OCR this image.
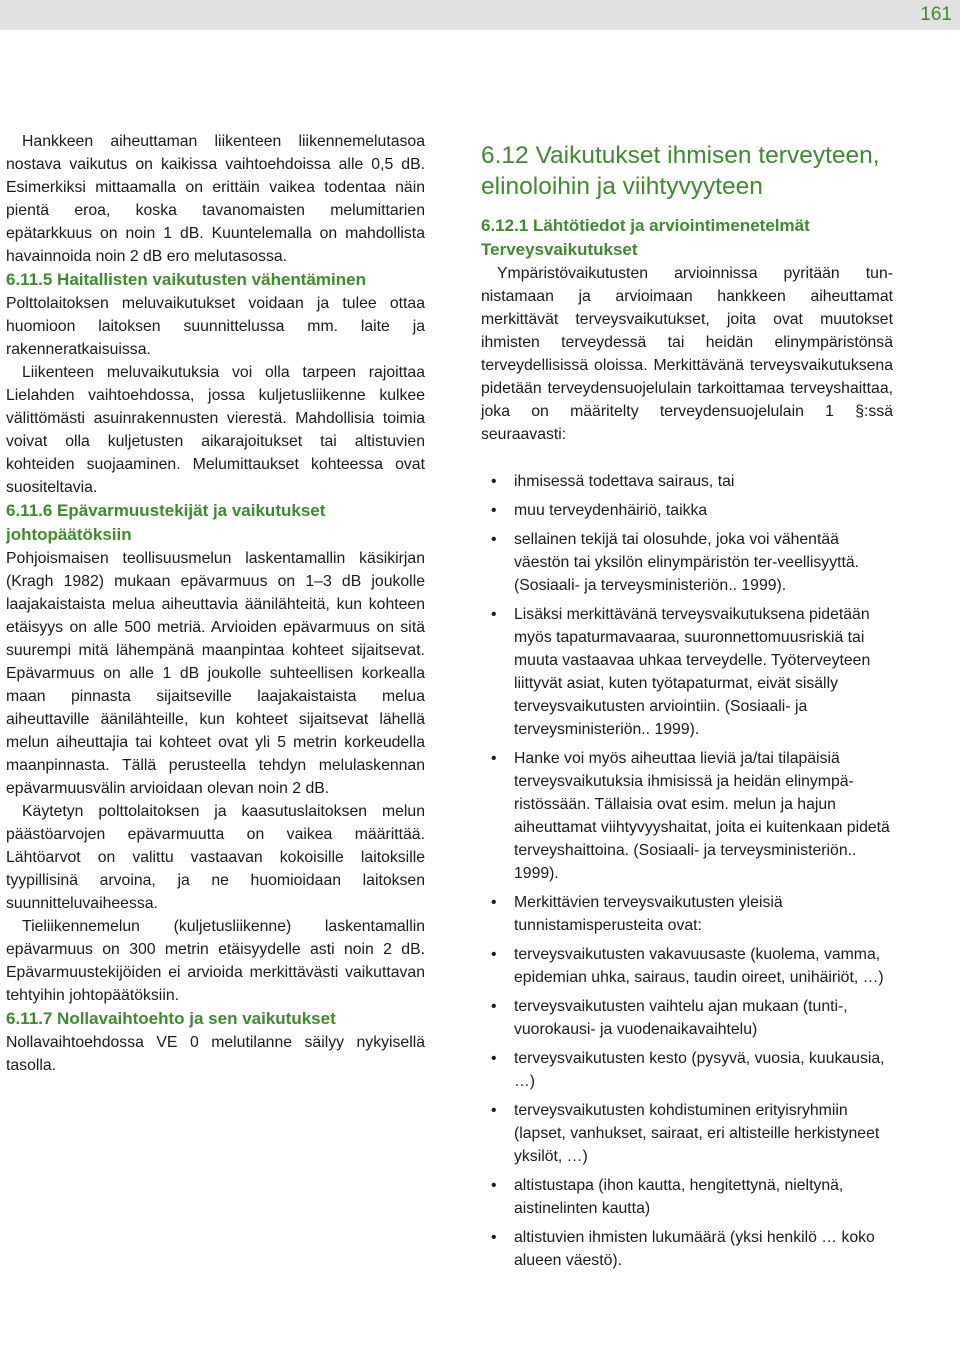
161

Hankkeen aiheuttaman liikenteen liikennemelutasoa nostava vaikutus on kaikissa vaihtoehdoissa alle 0,5 dB. Esimerkiksi mittaamalla on erittäin vaikea todentaa näin pientä eroa, koska tavanomaisten melumittarien epätarkkuus on noin 1 dB. Kuuntelemalla on mahdollista havainnoida noin 2 dB ero melutasossa.

6.11.5 Haitallisten vaikutusten vähentäminen

Polttolaitoksen meluvaikutukset voidaan ja tulee ottaa huomioon laitoksen suunnittelussa mm. laite ja rakenneratkaisuissa.

Liikenteen meluvaikutuksia voi olla tarpeen rajoittaa Lielahden vaihtoehdossa, jossa kuljetusliikenne kulkee välittömästi asuinrakennusten vierestä. Mahdollisia toimia voivat olla kuljetusten aikarajoitukset tai altistuvien kohteiden suojaaminen. Melumittaukset kohteessa ovat suositeltavia.

6.11.6 Epävarmuustekijät ja vaikutukset johtopäätöksiin

Pohjoismaisen teollisuusmelun laskentamallin käsikirjan (Kragh 1982) mukaan epävarmuus on 1–3 dB joukolle laajakaistaista melua aiheuttavia äänilähteitä, kun kohteen etäisyys on alle 500 metriä. Arvioiden epävarmuus on sitä suurempi mitä lähempänä maanpintaa kohteet sijaitsevat. Epävarmuus on alle 1 dB joukolle suhteellisen korkealla maan pinnasta sijaitseville laajakaistaista melua aiheuttaville äänilähteille, kun kohteet sijaitsevat lähellä melun aiheuttajia tai kohteet ovat yli 5 metrin korkeudella maanpinnasta. Tällä perusteella tehdyn melulaskennan epävarmuusvälin arvioidaan olevan noin 2 dB.

Käytetyn polttolaitoksen ja kaasutuslaitoksen melun päästöarvojen epävarmuutta on vaikea määrittää. Lähtöarvot on valittu vastaavan kokoisille laitoksille tyypillisinä arvoina, ja ne huomioidaan laitoksen suunnitteluvaiheessa.

Tieliikennemelun (kuljetusliikenne) laskentamallin epävarmuus on 300 metrin etäisyydelle asti noin 2 dB. Epävarmuustekijöiden ei arvioida merkittävästi vaikuttavan tehtyihin johtopäätöksiin.

6.11.7 Nollavaihtoehto ja sen vaikutukset

Nollavaihtoehdossa VE 0 melutilanne säilyy nykyisellä tasolla.

6.12 Vaikutukset ihmisen terveyteen, elinoloihin ja viihtyvyyteen
6.12.1 Lähtötiedot ja arviointimenetelmät Terveysvaikutukset

Ympäristövaikutusten arvioinnissa pyritään tunnistamaan ja arvioimaan hankkeen aiheuttamat merkittävät terveysvaikutukset, joita ovat muutokset ihmisten terveydessä tai heidän elinympäristönsä terveydellisissä oloissa. Merkittävänä terveysvaikutuksena pidetään terveydensuojelulain tarkoittamaa terveyshaittaa, joka on määritelty terveydensuojelulain 1 §:ssä seuraavasti:

• ihmisessä todettava sairaus, tai
• muu terveydenhäiriö, taikka
• sellainen tekijä tai olosuhde, joka voi vähentää väestön tai yksilön elinympäristön ter-veellisyyttä. (Sosiaali- ja terveysministeriön.. 1999).
• Lisäksi merkittävänä terveysvaikutuksena pidetään myös tapaturmavaaraa, suuronnettomuusriskiä tai muuta vastaavaa uhkaa terveydelle. Työterveyteen liittyvät asiat, kuten työtapaturmat, eivät sisälly terveysvaikutusten arviointiin. (Sosiaali- ja terveysministeriön.. 1999).
• Hanke voi myös aiheuttaa lieviä ja/tai tilapäisiä terveysvaikutuksia ihmisissä ja heidän elinympä-ristössään. Tällaisia ovat esim. melun ja hajun aiheuttamat viihtyvyyshaitat, joita ei kuitenkaan pidetä terveyshaittoina. (Sosiaali- ja terveysministeriön.. 1999).
• Merkittävien terveysvaikutusten yleisiä tunnistamisperusteita ovat:
• terveysvaikutusten vakavuusaste (kuolema, vamma, epidemian uhka, sairaus, taudin oireet, unihäiriöt, …)
• terveysvaikutusten vaihtelu ajan mukaan (tunti-, vuorokausi- ja vuodenaikavaihtelu)
• terveysvaikutusten kesto (pysyvä, vuosia, kuukausia, …)
• terveysvaikutusten kohdistuminen erityisryhmiin (lapset, vanhukset, sairaat, eri altisteille herkistyneet yksilöt, …)
• altistustapa (ihon kautta, hengitettynä, nieltynä, aistinelinten kautta)
• altistuvien ihmisten lukumäärä (yksi henkilö … koko alueen väestö).
